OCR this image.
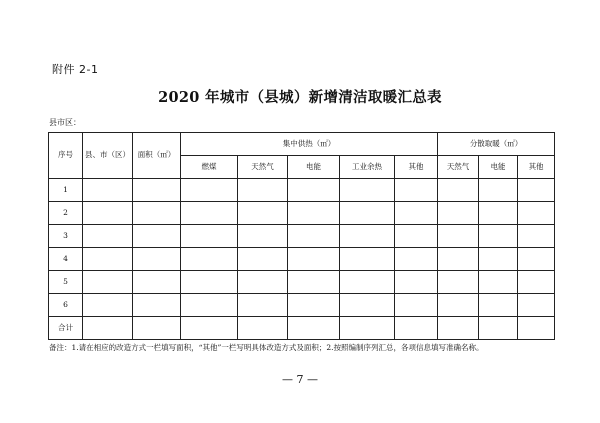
附件 2-1
2020 年城市（县城）新增清洁取暖汇总表
县市区：
序号	县、市（区）	面积（㎡）	集中供热（㎡）					分散取暖（㎡）		
			燃煤	天然气	电能	工业余热	其他	天然气	电能	其他
1										
2										
3										
4										
5										
6										
合计										
备注：1.请在相应的改造方式一栏填写面积，“其他”一栏写明具体改造方式及面积；2.按照编制序列汇总，各项信息填写准确名称。
— 7 —
